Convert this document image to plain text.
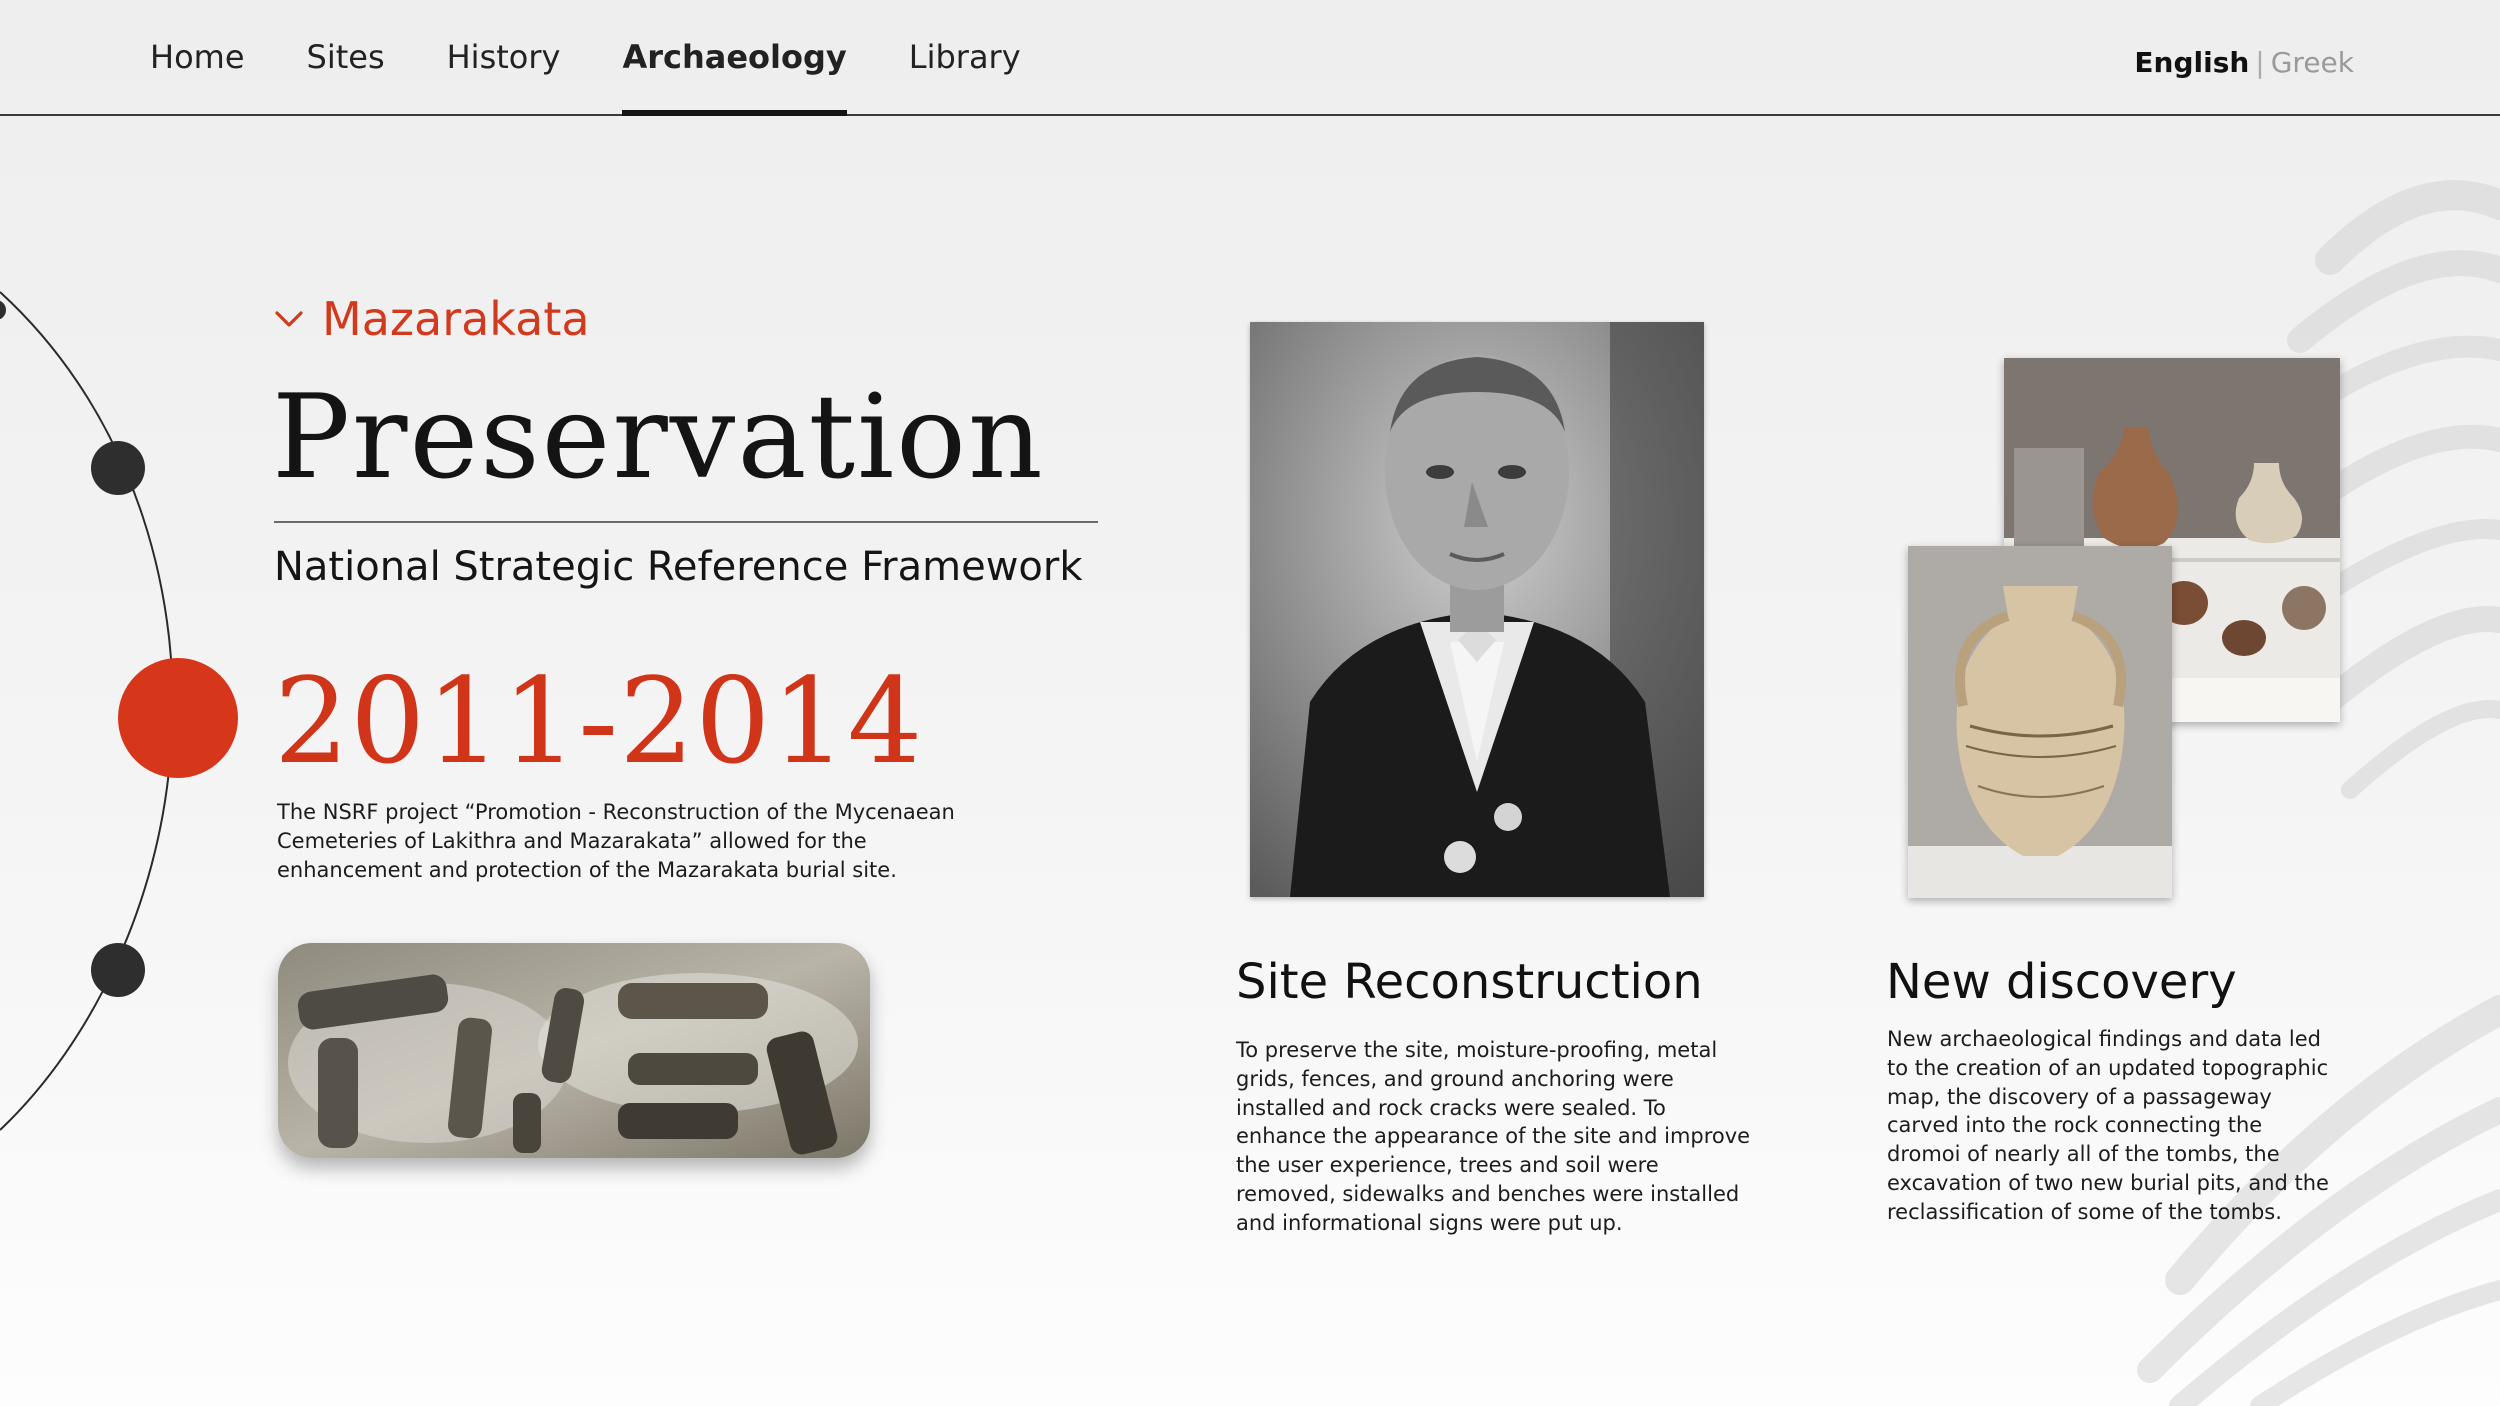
Home Sites History Archaeology Library	English | Greek
Mazarakata
Preservation
National Strategic Reference Framework
2011-2014

The NSRF project “Promotion - Reconstruction of the Mycenaean Cemeteries of Lakithra and Mazarakata” allowed for the enhancement and protection of the Mazarakata burial site.

Site Reconstruction

To preserve the site, moisture-proofing, metal grids, fences, and ground anchoring were installed and rock cracks were sealed. To enhance the appearance of the site and improve the user experience, trees and soil were removed, sidewalks and benches were installed and informational signs were put up.

New discovery

New archaeological findings and data led to the creation of an updated topographic map, the discovery of a passageway carved into the rock connecting the dromoi of nearly all of the tombs, the excavation of two new burial pits, and the reclassification of some of the tombs.
